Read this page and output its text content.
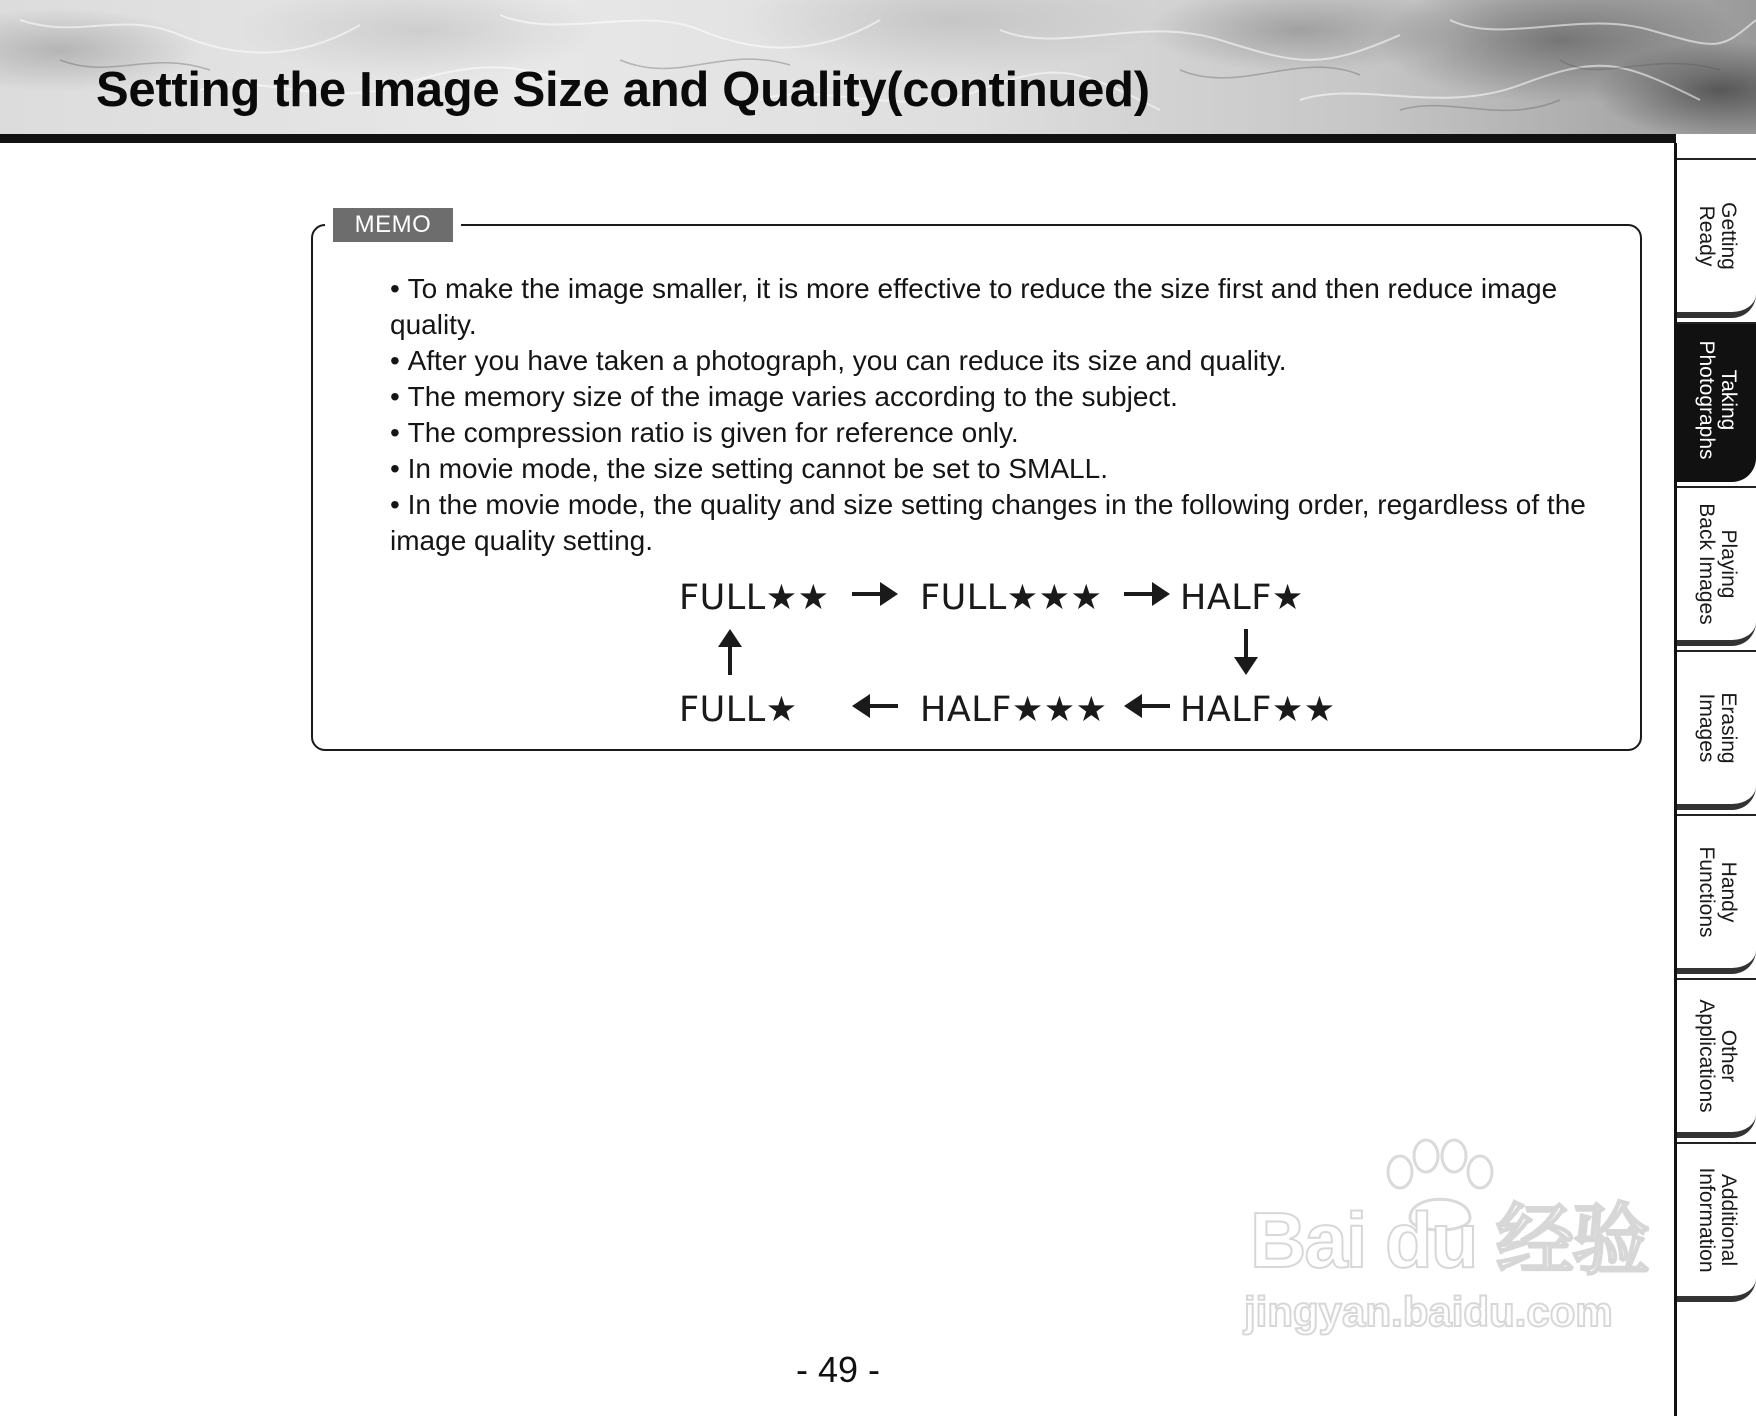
Setting the Image Size and Quality(continued)
Getting
Ready
Taking
Photographs
Playing
Back Images
Erasing
Images
Handy
Functions
Other
Applications
Additional
Information
MEMO
• To make the image smaller, it is more effective to reduce the size first and then reduce image quality.
• After you have taken a photograph, you can reduce its size and quality.
• The memory size of the image varies according to the subject.
• The compression ratio is given for reference only.
• In movie mode, the size setting cannot be set to SMALL.
• In the movie mode, the quality and size setting changes in the following order, regardless of the image quality setting.
FULL★★	FULL★★★ HALF★
FULL★	HALF★★★ HALF★★
Bai du 经验
jingyan.baidu.com
- 49 -
